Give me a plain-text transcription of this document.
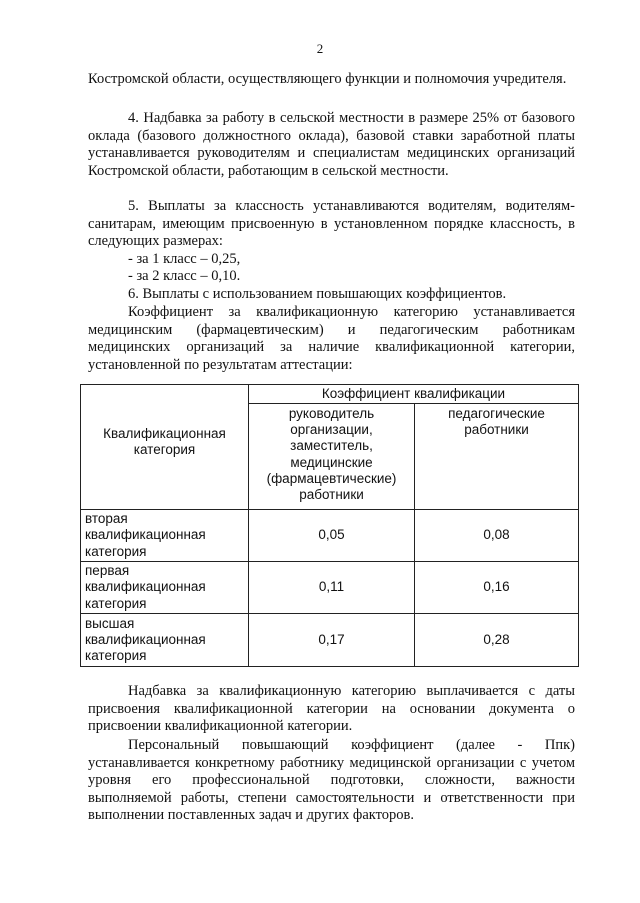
2

Костромской области, осуществляющего функции и полномочия учредителя.

4. Надбавка за работу в сельской местности в размере 25% от базового оклада (базового должностного оклада), базовой ставки заработной платы устанавливается руководителям и специалистам медицинских организаций Костромской области, работающим в сельской местности.

5. Выплаты за классность устанавливаются водителям, водителям-санитарам, имеющим присвоенную в установленном порядке классность, в следующих размерах:

- за 1 класс – 0,25,

- за 2 класс – 0,10.

6. Выплаты с использованием повышающих коэффициентов.

Коэффициент за квалификационную категорию устанавливается медицинским (фармацевтическим) и педагогическим работникам медицинских организаций за наличие квалификационной категории, установленной по результатам аттестации:

Квалификационная категория	Коэффициент квалификации	
	руководитель организации, заместитель, медицинские (фармацевтические) работники	педагогические работники
вторая квалификационная категория	0,05	0,08
первая квалификационная категория	0,11	0,16
высшая квалификационная категория	0,17	0,28

Надбавка за квалификационную категорию выплачивается с даты присвоения квалификационной категории на основании документа о присвоении квалификационной категории.

Персональный повышающий коэффициент (далее - Ппк) устанавливается конкретному работнику медицинской организации с учетом уровня его профессиональной подготовки, сложности, важности выполняемой работы, степени самостоятельности и ответственности при выполнении поставленных задач и других факторов.
